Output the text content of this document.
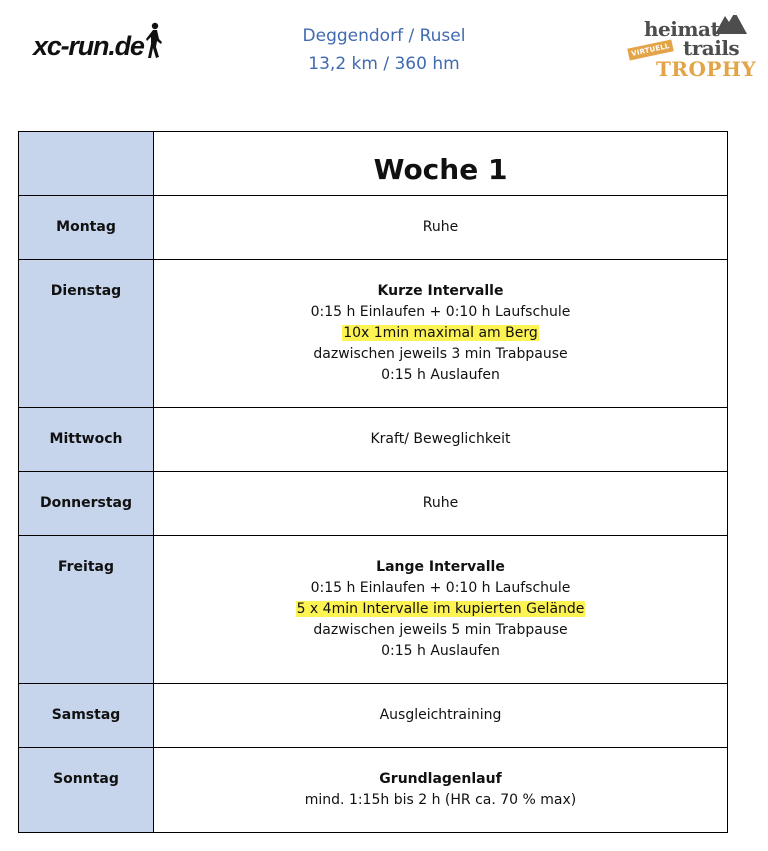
xc-run.de	Deggendorf / Rusel
13,2 km / 360 hm
heimat
VIRTUELL trails
TROPHY
	Woche 1

Montag	Ruhe

Dienstag	Kurze Intervalle
0:15 h Einlaufen + 0:10 h Laufschule
10x 1min maximal am Berg
dazwischen jeweils 3 min Trabpause
0:15 h Auslaufen

Mittwoch	Kraft/ Beweglichkeit

Donnerstag	Ruhe

Freitag	Lange Intervalle
0:15 h Einlaufen + 0:10 h Laufschule
5 x 4min Intervalle im kupierten Gelände
dazwischen jeweils 5 min Trabpause
0:15 h Auslaufen

Samstag	Ausgleichtraining

Sonntag	Grundlagenlauf
mind. 1:15h bis 2 h (HR ca. 70 % max)
